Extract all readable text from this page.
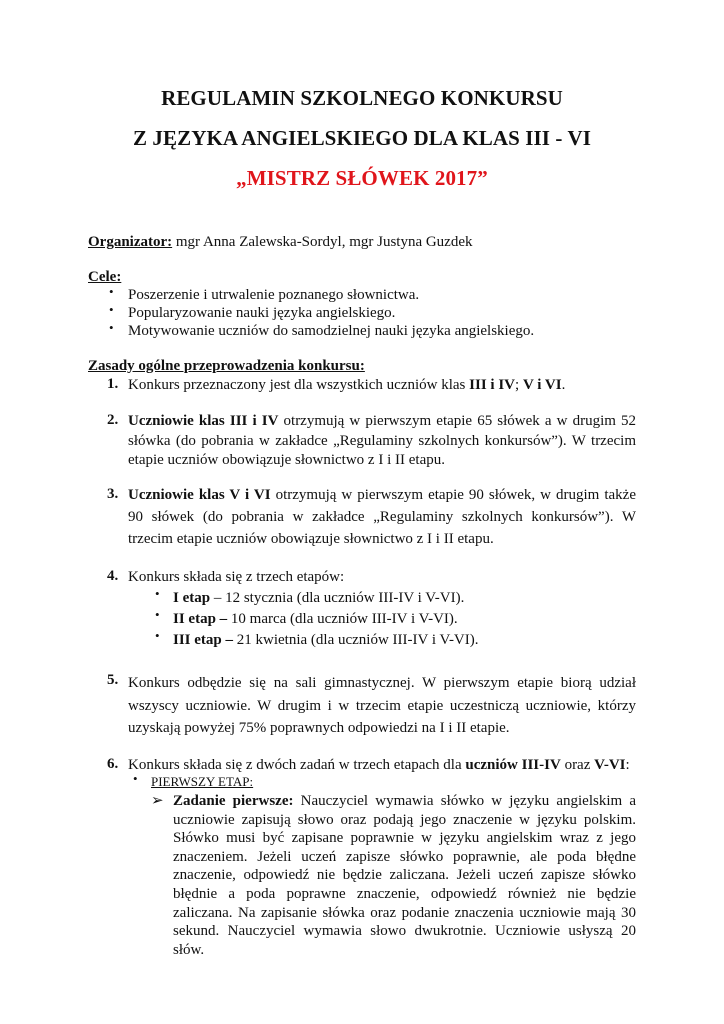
REGULAMIN SZKOLNEGO KONKURSU
Z JĘZYKA ANGIELSKIEGO DLA KLAS III - VI
„MISTRZ SŁÓWEK 2017”
Organizator: mgr Anna Zalewska-Sordyl, mgr Justyna Guzdek
Cele:
• Poszerzenie i utrwalenie poznanego słownictwa.
• Popularyzowanie nauki języka angielskiego.
• Motywowanie uczniów do samodzielnej nauki języka angielskiego.
Zasady ogólne przeprowadzenia konkursu:
1. Konkurs przeznaczony jest dla wszystkich uczniów klas III i IV; V i VI.
2. Uczniowie klas III i IV otrzymują w pierwszym etapie 65 słówek a w drugim 52 słówka (do pobrania w zakładce „Regulaminy szkolnych konkursów”). W trzecim etapie uczniów obowiązuje słownictwo z I i II etapu.
3. Uczniowie klas V i VI otrzymują w pierwszym etapie 90 słówek, w drugim także 90 słówek (do pobrania w zakładce „Regulaminy szkolnych konkursów”). W trzecim etapie uczniów obowiązuje słownictwo z I i II etapu.
4. Konkurs składa się z trzech etapów:
• I etap – 12 stycznia (dla uczniów III-IV i V-VI).
• II etap – 10 marca (dla uczniów III-IV i V-VI).
• III etap – 21 kwietnia (dla uczniów III-IV i V-VI).
5. Konkurs odbędzie się na sali gimnastycznej. W pierwszym etapie biorą udział wszyscy uczniowie. W drugim i w trzecim etapie uczestniczą uczniowie, którzy uzyskają powyżej 75% poprawnych odpowiedzi na I i II etapie.
6. Konkurs składa się z dwóch zadań w trzech etapach dla uczniów III-IV oraz V-VI:
• PIERWSZY ETAP:
➢ Zadanie pierwsze: Nauczyciel wymawia słówko w języku angielskim a uczniowie zapisują słowo oraz podają jego znaczenie w języku polskim. Słówko musi być zapisane poprawnie w języku angielskim wraz z jego znaczeniem. Jeżeli uczeń zapisze słówko poprawnie, ale poda błędne znaczenie, odpowiedź nie będzie zaliczana. Jeżeli uczeń zapisze słówko błędnie a poda poprawne znaczenie, odpowiedź również nie będzie zaliczana. Na zapisanie słówka oraz podanie znaczenia uczniowie mają 30 sekund. Nauczyciel wymawia słowo dwukrotnie. Uczniowie usłyszą 20 słów.
